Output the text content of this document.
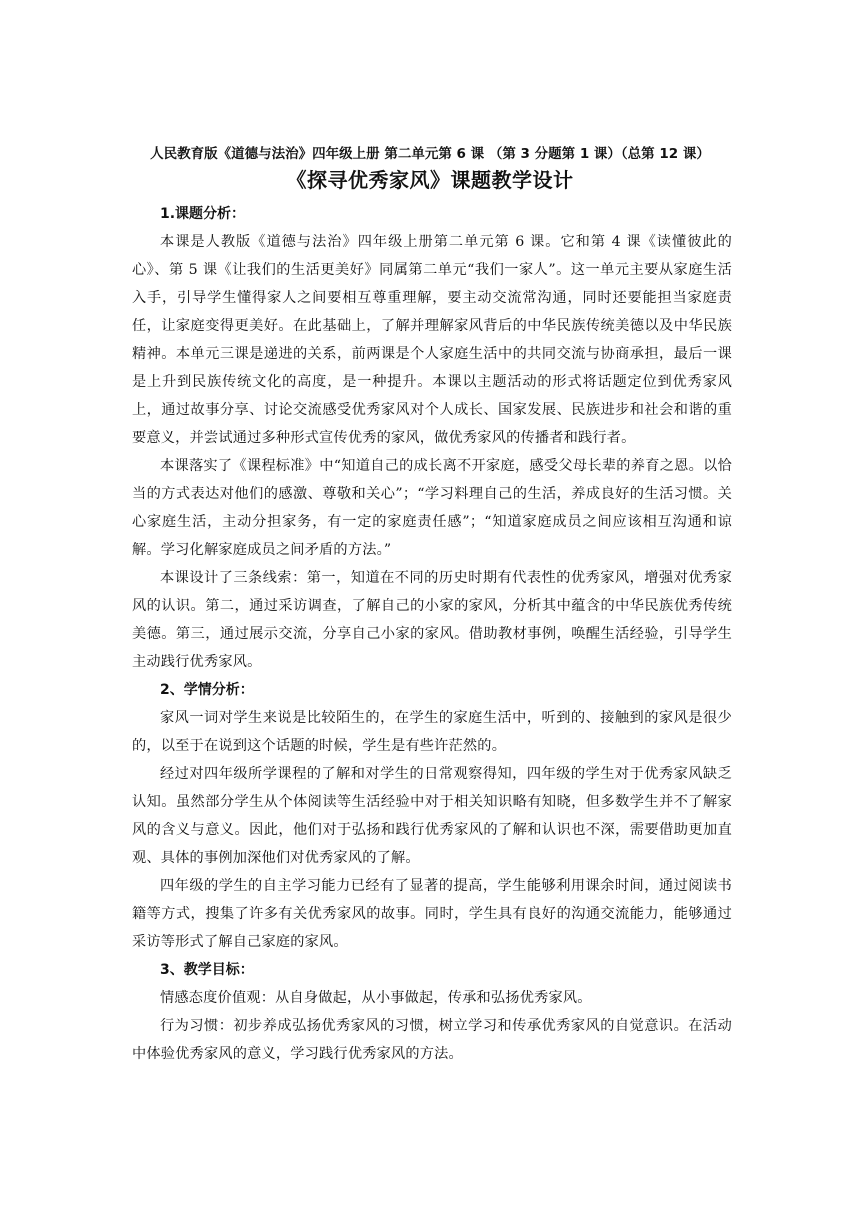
人民教育版《道德与法治》四年级上册 第二单元第 6 课 （第 3 分题第 1 课）（总第 12 课）
《探寻优秀家风》课题教学设计

1.课题分析：

本课是人教版《道德与法治》四年级上册第二单元第 6 课。它和第 4 课《读懂彼此的心》、第 5 课《让我们的生活更美好》同属第二单元“我们一家人”。这一单元主要从家庭生活入手，引导学生懂得家人之间要相互尊重理解，要主动交流常沟通，同时还要能担当家庭责任，让家庭变得更美好。在此基础上，了解并理解家风背后的中华民族传统美德以及中华民族精神。本单元三课是递进的关系，前两课是个人家庭生活中的共同交流与协商承担，最后一课是上升到民族传统文化的高度，是一种提升。本课以主题活动的形式将话题定位到优秀家风上，通过故事分享、讨论交流感受优秀家风对个人成长、国家发展、民族进步和社会和谐的重要意义，并尝试通过多种形式宣传优秀的家风，做优秀家风的传播者和践行者。

本课落实了《课程标准》中“知道自己的成长离不开家庭，感受父母长辈的养育之恩。以恰当的方式表达对他们的感激、尊敬和关心”；“学习料理自己的生活，养成良好的生活习惯。关心家庭生活，主动分担家务，有一定的家庭责任感”；“知道家庭成员之间应该相互沟通和谅解。学习化解家庭成员之间矛盾的方法。”

本课设计了三条线索：第一，知道在不同的历史时期有代表性的优秀家风，增强对优秀家风的认识。第二，通过采访调查，了解自己的小家的家风，分析其中蕴含的中华民族优秀传统美德。第三，通过展示交流，分享自己小家的家风。借助教材事例，唤醒生活经验，引导学生主动践行优秀家风。

2、学情分析：

家风一词对学生来说是比较陌生的，在学生的家庭生活中，听到的、接触到的家风是很少的，以至于在说到这个话题的时候，学生是有些许茫然的。

经过对四年级所学课程的了解和对学生的日常观察得知，四年级的学生对于优秀家风缺乏认知。虽然部分学生从个体阅读等生活经验中对于相关知识略有知晓，但多数学生并不了解家风的含义与意义。因此，他们对于弘扬和践行优秀家风的了解和认识也不深，需要借助更加直观、具体的事例加深他们对优秀家风的了解。

四年级的学生的自主学习能力已经有了显著的提高，学生能够利用课余时间，通过阅读书籍等方式，搜集了许多有关优秀家风的故事。同时，学生具有良好的沟通交流能力，能够通过采访等形式了解自己家庭的家风。

3、教学目标：

情感态度价值观：从自身做起，从小事做起，传承和弘扬优秀家风。

行为习惯：初步养成弘扬优秀家风的习惯，树立学习和传承优秀家风的自觉意识。在活动中体验优秀家风的意义，学习践行优秀家风的方法。
